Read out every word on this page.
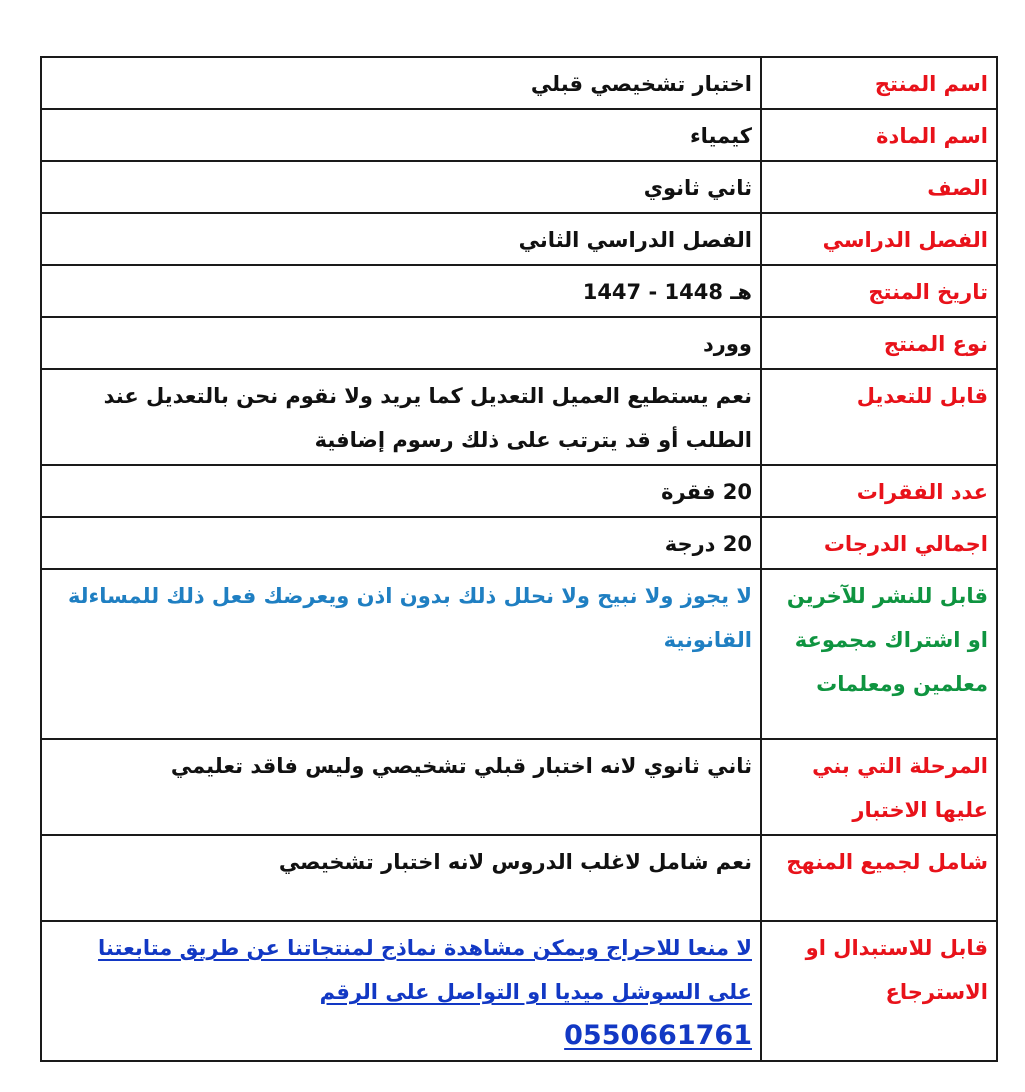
اسم المنتج	اختبار تشخيصي قبلي
اسم المادة	كيمياء
الصف	ثاني ثانوي
الفصل الدراسي	الفصل الدراسي الثاني
تاريخ المنتج	1447 - 1448 هـ
نوع المنتج	وورد
قابل للتعديل	نعم يستطيع العميل التعديل كما يريد ولا نقوم نحن بالتعديل عند الطلب أو قد يترتب على ذلك رسوم إضافية
عدد الفقرات	20 فقرة
اجمالي الدرجات	20 درجة
قابل للنشر للآخرين او اشتراك مجموعة معلمين ومعلمات	لا يجوز ولا نبيح ولا نحلل ذلك بدون اذن ويعرضك فعل ذلك للمساءلة القانونية
المرحلة التي بني عليها الاختبار	ثاني ثانوي لانه اختبار قبلي تشخيصي وليس فاقد تعليمي
شامل لجميع المنهج	نعم شامل لاغلب الدروس لانه اختبار تشخيصي
قابل للاستبدال او الاسترجاع	لا منعا للاحراج ويمكن مشاهدة نماذج لمنتجاتنا عن طريق متابعتنا على السوشل ميديا او التواصل على الرقم
0550661761
